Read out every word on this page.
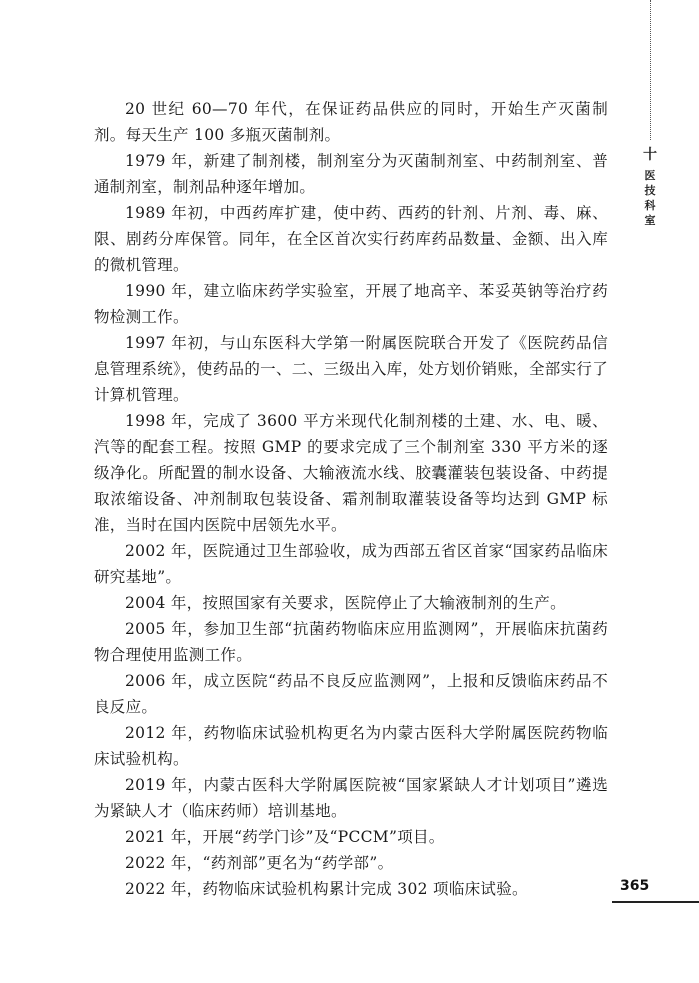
十
医技科室

20 世纪 60—70 年代，在保证药品供应的同时，开始生产灭菌制剂。每天生产 100 多瓶灭菌制剂。

1979 年，新建了制剂楼，制剂室分为灭菌制剂室、中药制剂室、普通制剂室，制剂品种逐年增加。

1989 年初，中西药库扩建，使中药、西药的针剂、片剂、毒、麻、限、剧药分库保管。同年，在全区首次实行药库药品数量、金额、出入库的微机管理。

1990 年，建立临床药学实验室，开展了地高辛、苯妥英钠等治疗药物检测工作。

1997 年初，与山东医科大学第一附属医院联合开发了《医院药品信息管理系统》，使药品的一、二、三级出入库，处方划价销账，全部实行了计算机管理。

1998 年，完成了 3600 平方米现代化制剂楼的土建、水、电、暖、汽等的配套工程。按照 GMP 的要求完成了三个制剂室 330 平方米的逐级净化。所配置的制水设备、大输液流水线、胶囊灌装包装设备、中药提取浓缩设备、冲剂制取包装设备、霜剂制取灌装设备等均达到 GMP 标准，当时在国内医院中居领先水平。

2002 年，医院通过卫生部验收，成为西部五省区首家“国家药品临床研究基地”。

2004 年，按照国家有关要求，医院停止了大输液制剂的生产。

2005 年，参加卫生部“抗菌药物临床应用监测网”，开展临床抗菌药物合理使用监测工作。

2006 年，成立医院“药品不良反应监测网”，上报和反馈临床药品不良反应。

2012 年，药物临床试验机构更名为内蒙古医科大学附属医院药物临床试验机构。

2019 年，内蒙古医科大学附属医院被“国家紧缺人才计划项目”遴选为紧缺人才（临床药师）培训基地。

2021 年，开展“药学门诊”及“PCCM”项目。

2022 年，“药剂部”更名为“药学部”。

2022 年，药物临床试验机构累计完成 302 项临床试验。	365
